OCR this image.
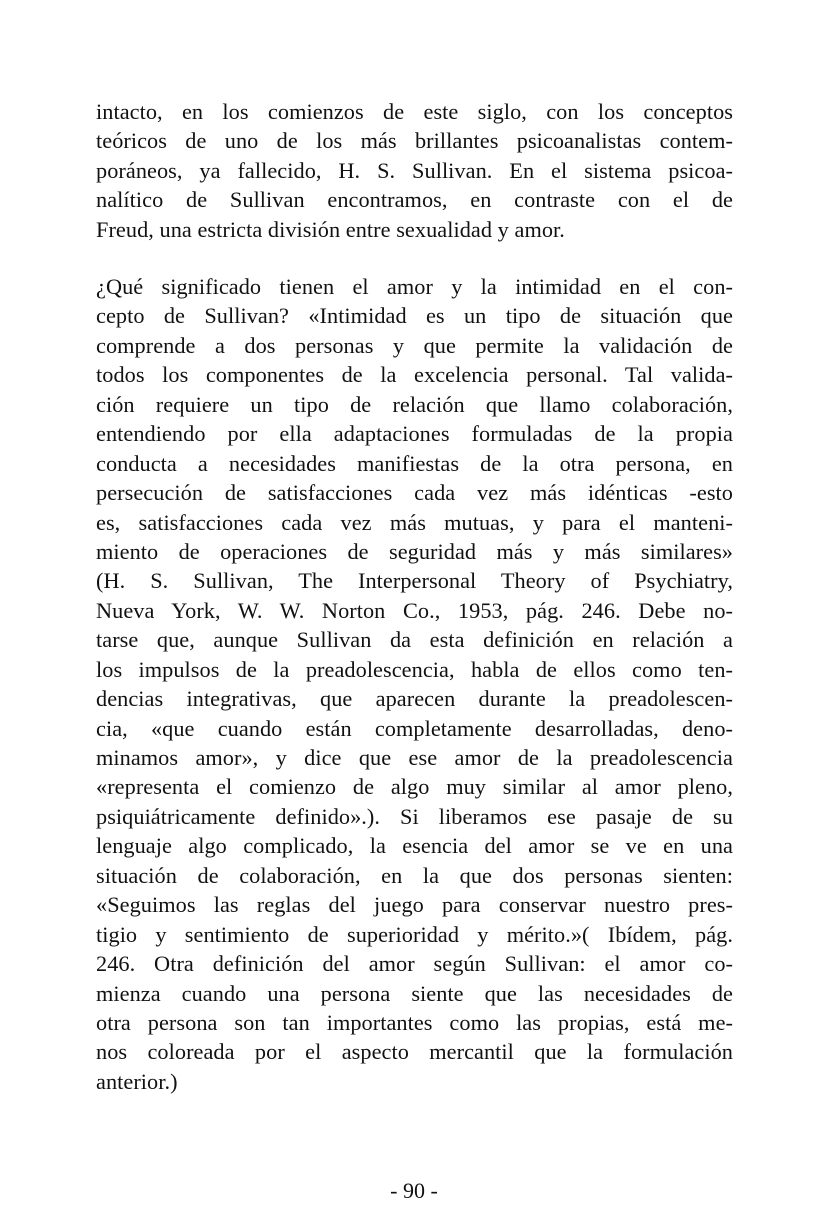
intacto, en los comienzos de este siglo, con los conceptos
teóricos de uno de los más brillantes psicoanalistas contem-
poráneos, ya fallecido, H. S. Sullivan. En el sistema psicoa-
nalítico de Sullivan encontramos, en contraste con el de
Freud, una estricta división entre sexualidad y amor.
¿Qué significado tienen el amor y la intimidad en el con-
cepto de Sullivan? «Intimidad es un tipo de situación que
comprende a dos personas y que permite la validación de
todos los componentes de la excelencia personal. Tal valida-
ción requiere un tipo de relación que llamo colaboración,
entendiendo por ella adaptaciones formuladas de la propia
conducta a necesidades manifiestas de la otra persona, en
persecución de satisfacciones cada vez más idénticas -esto
es, satisfacciones cada vez más mutuas, y para el manteni-
miento de operaciones de seguridad más y más similares»
(H. S. Sullivan, The Interpersonal Theory of Psychiatry,
Nueva York, W. W. Norton Co., 1953, pág. 246. Debe no-
tarse que, aunque Sullivan da esta definición en relación a
los impulsos de la preadolescencia, habla de ellos como ten-
dencias integrativas, que aparecen durante la preadolescen-
cia, «que cuando están completamente desarrolladas, deno-
minamos amor», y dice que ese amor de la preadolescencia
«representa el comienzo de algo muy similar al amor pleno,
psiquiátricamente definido».). Si liberamos ese pasaje de su
lenguaje algo complicado, la esencia del amor se ve en una
situación de colaboración, en la que dos personas sienten:
«Seguimos las reglas del juego para conservar nuestro pres-
tigio y sentimiento de superioridad y mérito.»( Ibídem, pág.
246. Otra definición del amor según Sullivan: el amor co-
mienza cuando una persona siente que las necesidades de
otra persona son tan importantes como las propias, está me-
nos coloreada por el aspecto mercantil que la formulación
anterior.)
- 90 -
